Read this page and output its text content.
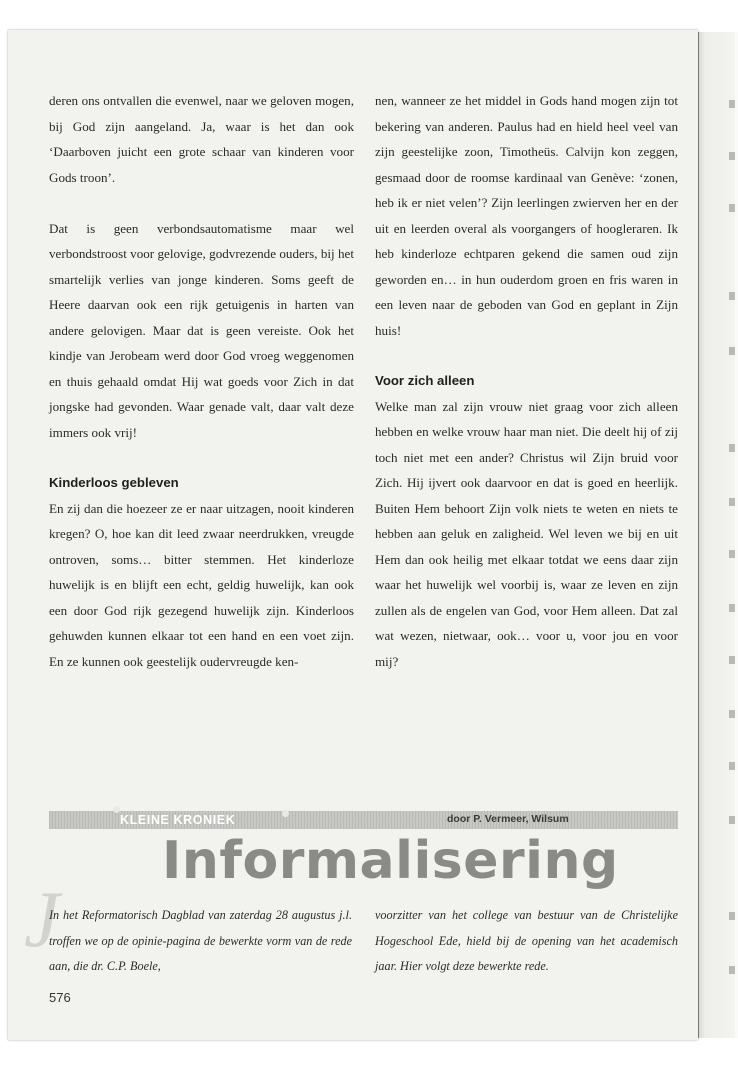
deren ons ontvallen die evenwel, naar we geloven mogen, bij God zijn aangeland. Ja, waar is het dan ook ‘Daarboven juicht een grote schaar van kinderen voor Gods troon’.

Dat is geen verbondsautomatisme maar wel verbondstroost voor gelovige, godvrezende ouders, bij het smartelijk verlies van jonge kinderen. Soms geeft de Heere daarvan ook een rijk getuigenis in harten van andere gelovigen. Maar dat is geen vereiste. Ook het kindje van Jerobeam werd door God vroeg weggenomen en thuis gehaald omdat Hij wat goeds voor Zich in dat jongske had gevonden. Waar genade valt, daar valt deze immers ook vrij!

Kinderloos gebleven

En zij dan die hoezeer ze er naar uitzagen, nooit kinderen kregen? O, hoe kan dit leed zwaar neerdrukken, vreugde ontroven, soms… bitter stemmen. Het kinderloze huwelijk is en blijft een echt, geldig huwelijk, kan ook een door God rijk gezegend huwelijk zijn. Kinderloos gehuwden kunnen elkaar tot een hand en een voet zijn. En ze kunnen ook geestelijk oudervreugde ken-

nen, wanneer ze het middel in Gods hand mogen zijn tot bekering van anderen. Paulus had en hield heel veel van zijn geestelijke zoon, Timotheüs. Calvijn kon zeggen, gesmaad door de roomse kardinaal van Genève: ‘zonen, heb ik er niet velen’? Zijn leerlingen zwierven her en der uit en leerden overal als voorgangers of hoogleraren. Ik heb kinderloze echtparen gekend die samen oud zijn geworden en… in hun ouderdom groen en fris waren in een leven naar de geboden van God en geplant in Zijn huis!

Voor zich alleen

Welke man zal zijn vrouw niet graag voor zich alleen hebben en welke vrouw haar man niet. Die deelt hij of zij toch niet met een ander? Christus wil Zijn bruid voor Zich. Hij ijvert ook daarvoor en dat is goed en heerlijk. Buiten Hem behoort Zijn volk niets te weten en niets te hebben aan geluk en zaligheid. Wel leven we bij en uit Hem dan ook heilig met elkaar totdat we eens daar zijn waar het huwelijk wel voorbij is, waar ze leven en zijn zullen als de engelen van God, voor Hem alleen. Dat zal wat wezen, nietwaar, ook… voor u, voor jou en voor mij?

KLEINE KRONIEK	door P. Vermeer, Wilsum
Informalisering
J
In het Reformatorisch Dagblad van zaterdag 28 augustus j.l. troffen we op de opinie-pagina de bewerkte vorm van de rede aan, die dr. C.P. Boele,
voorzitter van het college van bestuur van de Christelijke Hogeschool Ede, hield bij de opening van het academisch jaar. Hier volgt deze bewerkte rede.
576
